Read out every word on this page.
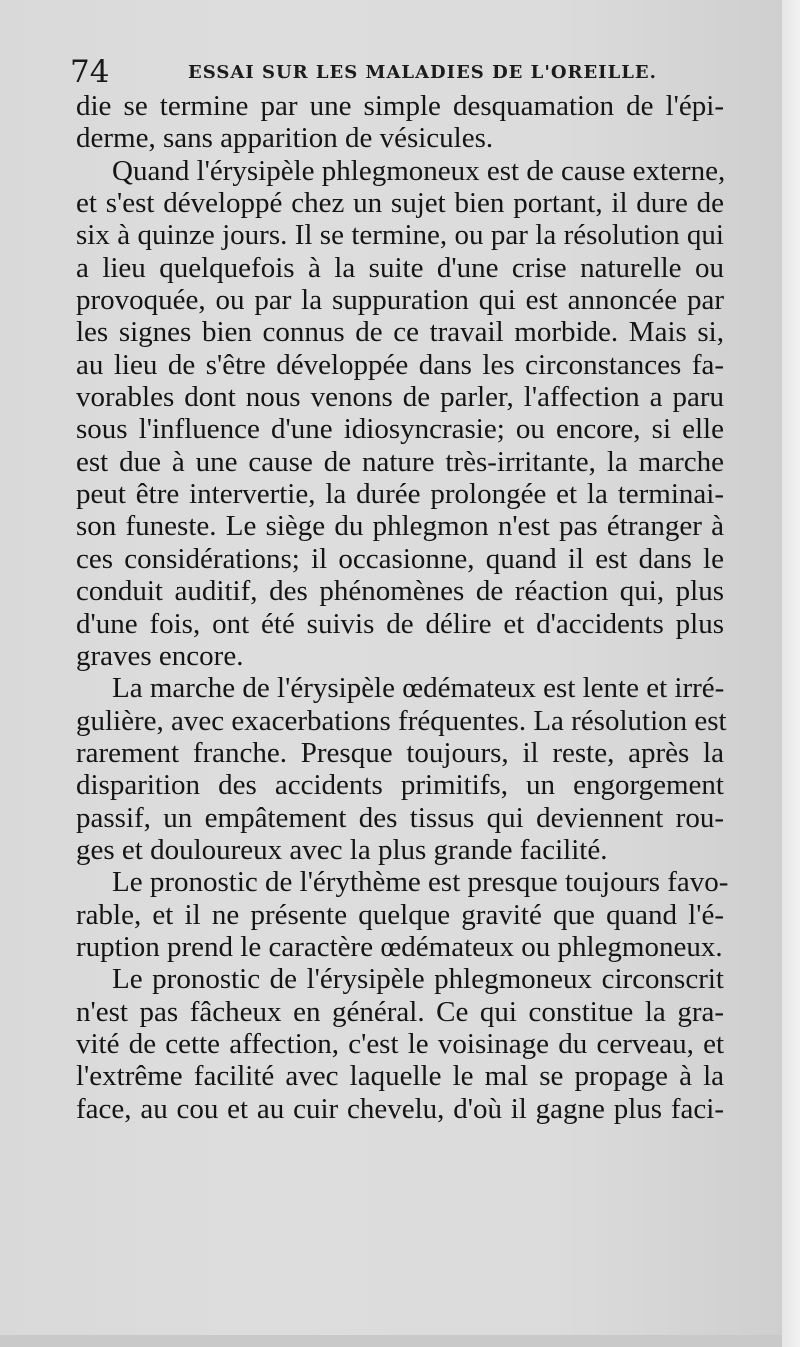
74	ESSAI SUR LES MALADIES DE L'OREILLE.

die se termine par une simple desquamation de l'épi-
derme, sans apparition de vésicules.

Quand l'érysipèle phlegmoneux est de cause externe,
et s'est développé chez un sujet bien portant, il dure de
six à quinze jours. Il se termine, ou par la résolution qui
a lieu quelquefois à la suite d'une crise naturelle ou
provoquée, ou par la suppuration qui est annoncée par
les signes bien connus de ce travail morbide. Mais si,
au lieu de s'être développée dans les circonstances fa-
vorables dont nous venons de parler, l'affection a paru
sous l'influence d'une idiosyncrasie; ou encore, si elle
est due à une cause de nature très-irritante, la marche
peut être intervertie, la durée prolongée et la terminai-
son funeste. Le siège du phlegmon n'est pas étranger à
ces considérations; il occasionne, quand il est dans le
conduit auditif, des phénomènes de réaction qui, plus
d'une fois, ont été suivis de délire et d'accidents plus
graves encore.

La marche de l'érysipèle œdémateux est lente et irré-
gulière, avec exacerbations fréquentes. La résolution est
rarement franche. Presque toujours, il reste, après la
disparition des accidents primitifs, un engorgement
passif, un empâtement des tissus qui deviennent rou-
ges et douloureux avec la plus grande facilité.

Le pronostic de l'érythème est presque toujours favo-
rable, et il ne présente quelque gravité que quand l'é-
ruption prend le caractère œdémateux ou phlegmoneux.

Le pronostic de l'érysipèle phlegmoneux circonscrit
n'est pas fâcheux en général. Ce qui constitue la gra-
vité de cette affection, c'est le voisinage du cerveau, et
l'extrême facilité avec laquelle le mal se propage à la
face, au cou et au cuir chevelu, d'où il gagne plus faci-
